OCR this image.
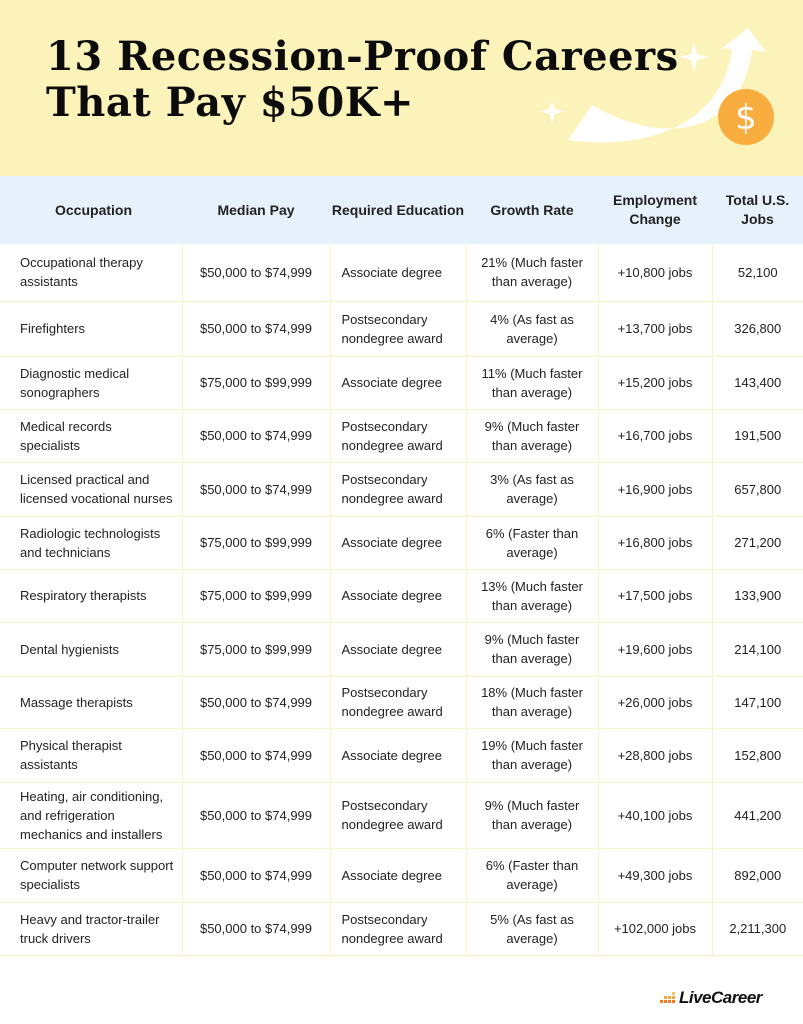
13 Recession-Proof Careers
That Pay $50K+	$
Occupation	Median Pay	Required Education	Growth Rate	Employment Change	Total U.S. Jobs
Occupational therapy assistants	$50,000 to $74,999	Associate degree	21% (Much faster than average)	+10,800 jobs	52,100
Firefighters	$50,000 to $74,999	Postsecondary nondegree award	4% (As fast as average)	+13,700 jobs	326,800
Diagnostic medical sonographers	$75,000 to $99,999	Associate degree	11% (Much faster than average)	+15,200 jobs	143,400
Medical records specialists	$50,000 to $74,999	Postsecondary nondegree award	9% (Much faster than average)	+16,700 jobs	191,500
Licensed practical and licensed vocational nurses	$50,000 to $74,999	Postsecondary nondegree award	3% (As fast as average)	+16,900 jobs	657,800
Radiologic technologists and technicians	$75,000 to $99,999	Associate degree	6% (Faster than average)	+16,800 jobs	271,200
Respiratory therapists	$75,000 to $99,999	Associate degree	13% (Much faster than average)	+17,500 jobs	133,900
Dental hygienists	$75,000 to $99,999	Associate degree	9% (Much faster than average)	+19,600 jobs	214,100
Massage therapists	$50,000 to $74,999	Postsecondary nondegree award	18% (Much faster than average)	+26,000 jobs	147,100
Physical therapist assistants	$50,000 to $74,999	Associate degree	19% (Much faster than average)	+28,800 jobs	152,800
Heating, air conditioning, and refrigeration mechanics and installers	$50,000 to $74,999	Postsecondary nondegree award	9% (Much faster than average)	+40,100 jobs	441,200
Computer network support specialists	$50,000 to $74,999	Associate degree	6% (Faster than average)	+49,300 jobs	892,000
Heavy and tractor-trailer truck drivers	$50,000 to $74,999	Postsecondary nondegree award	5% (As fast as average)	+102,000 jobs	2,211,300
LiveCareer
